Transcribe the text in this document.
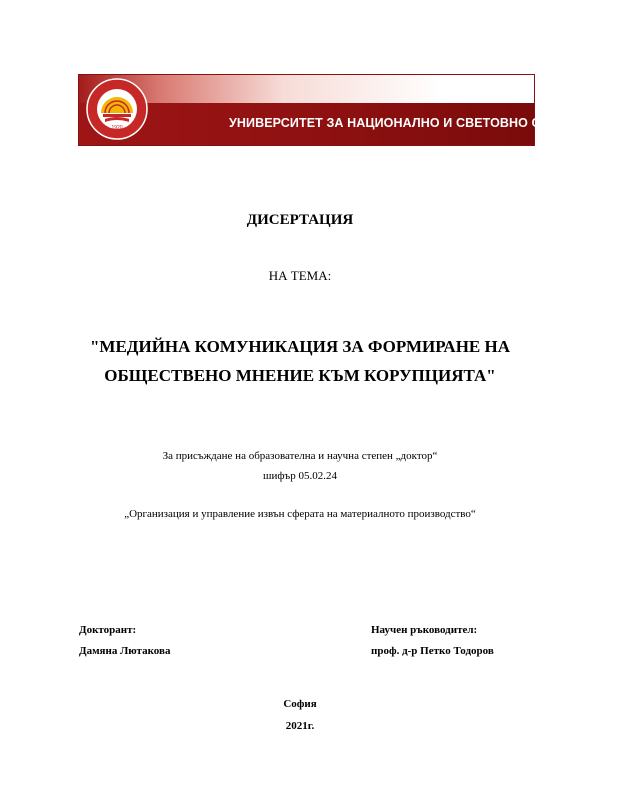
1920	УНИВЕРСИТЕТ ЗА НАЦИОНАЛНО И СВЕТОВНО СТОПАНСТВО
ДИСЕРТАЦИЯ
НА ТЕМА:
"МЕДИЙНА КОМУНИКАЦИЯ ЗА ФОРМИРАНЕ НА
ОБЩЕСТВЕНО МНЕНИЕ КЪМ КОРУПЦИЯТА"
За присъждане на образователна и научна степен „доктор“
шифър 05.02.24
„Организация и управление извън сферата на материалното производство“
Докторант:
Дамяна Лютакова
Научен ръководител:
проф. д-р Петко Тодоров
София
2021г.
